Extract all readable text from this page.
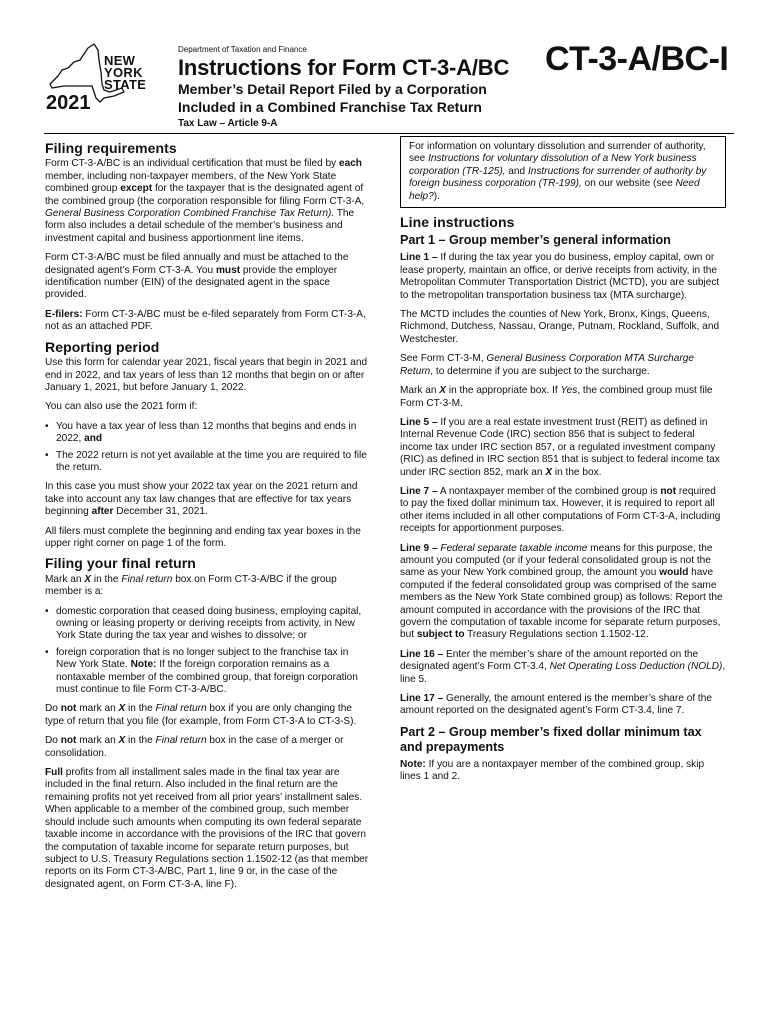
NEW
YORK
STATE
2021
Department of Taxation and Finance
Instructions for Form CT-3-A/BC
Member’s Detail Report Filed by a Corporation Included in a Combined Franchise Tax Return
Tax Law – Article 9-A
CT-3-A/BC-I
Filing requirements

Form CT-3-A/BC is an individual certification that must be filed by each member, including non-taxpayer members, of the New York State combined group except for the taxpayer that is the designated agent of the combined group (the corporation responsible for filing Form CT-3-A, General Business Corporation Combined Franchise Tax Return). The form also includes a detail schedule of the member’s business and investment capital and business apportionment line items.

Form CT-3-A/BC must be filed annually and must be attached to the designated agent’s Form CT-3-A. You must provide the employer identification number (EIN) of the designated agent in the space provided.

E-filers: Form CT-3-A/BC must be e-filed separately from Form CT-3-A, not as an attached PDF.

Reporting period

Use this form for calendar year 2021, fiscal years that begin in 2021 and end in 2022, and tax years of less than 12 months that begin on or after January 1, 2021, but before January 1, 2022.

You can also use the 2021 form if:

• You have a tax year of less than 12 months that begins and ends in 2022, and
• The 2022 return is not yet available at the time you are required to file the return.

In this case you must show your 2022 tax year on the 2021 return and take into account any tax law changes that are effective for tax years beginning after December 31, 2021.

All filers must complete the beginning and ending tax year boxes in the upper right corner on page 1 of the form.

Filing your final return

Mark an X in the Final return box on Form CT-3-A/BC if the group member is a:

• domestic corporation that ceased doing business, employing capital, owning or leasing property or deriving receipts from activity, in New York State during the tax year and wishes to dissolve; or
• foreign corporation that is no longer subject to the franchise tax in New York State. Note: If the foreign corporation remains as a nontaxable member of the combined group, that foreign corporation must continue to file Form CT-3-A/BC.

Do not mark an X in the Final return box if you are only changing the type of return that you file (for example, from Form CT-3-A to CT-3-S).

Do not mark an X in the Final return box in the case of a merger or consolidation.

Full profits from all installment sales made in the final tax year are included in the final return. Also included in the final return are the remaining profits not yet received from all prior years’ installment sales. When applicable to a member of the combined group, such member should include such amounts when computing its own federal separate taxable income in accordance with the provisions of the IRC that govern the computation of taxable income for separate return purposes, but subject to U.S. Treasury Regulations section 1.1502-12 (as that member reports on its Form CT-3-A/BC, Part 1, line 9 or, in the case of the designated agent, on Form CT-3-A, line F).

For information on voluntary dissolution and surrender of authority, see Instructions for voluntary dissolution of a New York business corporation (TR-125), and Instructions for surrender of authority by foreign business corporation (TR-199), on our website (see Need help?).
Line instructions
Part 1 – Group member’s general information

Line 1 – If during the tax year you do business, employ capital, own or lease property, maintain an office, or derive receipts from activity, in the Metropolitan Commuter Transportation District (MCTD), you are subject to the metropolitan transportation business tax (MTA surcharge).

The MCTD includes the counties of New York, Bronx, Kings, Queens, Richmond, Dutchess, Nassau, Orange, Putnam, Rockland, Suffolk, and Westchester.

See Form CT-3-M, General Business Corporation MTA Surcharge Return, to determine if you are subject to the surcharge.

Mark an X in the appropriate box. If Yes, the combined group must file Form CT-3-M.

Line 5 – If you are a real estate investment trust (REIT) as defined in Internal Revenue Code (IRC) section 856 that is subject to federal income tax under IRC section 857, or a regulated investment company (RIC) as defined in IRC section 851 that is subject to federal income tax under IRC section 852, mark an X in the box.

Line 7 – A nontaxpayer member of the combined group is not required to pay the fixed dollar minimum tax. However, it is required to report all other items included in all other computations of Form CT-3-A, including receipts for apportionment purposes.

Line 9 – Federal separate taxable income means for this purpose, the amount you computed (or if your federal consolidated group is not the same as your New York combined group, the amount you would have computed if the federal consolidated group was comprised of the same members as the New York State combined group) as follows: Report the amount computed in accordance with the provisions of the IRC that govern the computation of taxable income for separate return purposes, but subject to Treasury Regulations section 1.1502-12.

Line 16 – Enter the member’s share of the amount reported on the designated agent’s Form CT-3.4, Net Operating Loss Deduction (NOLD), line 5.

Line 17 – Generally, the amount entered is the member’s share of the amount reported on the designated agent’s Form CT-3.4, line 7.

Part 2 – Group member’s fixed dollar minimum tax and prepayments

Note: If you are a nontaxpayer member of the combined group, skip lines 1 and 2.
